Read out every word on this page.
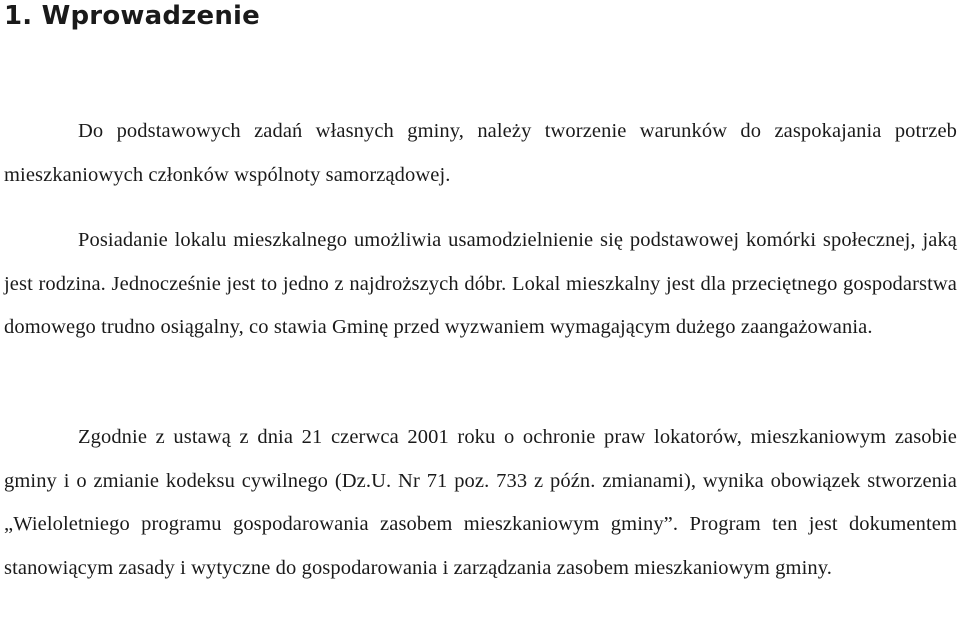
1. Wprowadzenie

Do podstawowych zadań własnych gminy, należy tworzenie warunków do zaspokajania potrzeb mieszkaniowych członków wspólnoty samorządowej.

Posiadanie lokalu mieszkalnego umożliwia usamodzielnienie się podstawowej komórki społecznej, jaką jest rodzina. Jednocześnie jest to jedno z najdroższych dóbr. Lokal mieszkalny jest dla przeciętnego gospodarstwa domowego trudno osiągalny, co stawia Gminę przed wyzwaniem wymagającym dużego zaangażowania.

Zgodnie z ustawą z dnia 21 czerwca 2001 roku o ochronie praw lokatorów, mieszkaniowym zasobie gminy i o zmianie kodeksu cywilnego (Dz.U. Nr 71 poz. 733 z późn. zmianami), wynika obowiązek stworzenia „Wieloletniego programu gospodarowania zasobem mieszkaniowym gminy”. Program ten jest dokumentem stanowiącym zasady i wytyczne do gospodarowania i zarządzania zasobem mieszkaniowym gminy.
